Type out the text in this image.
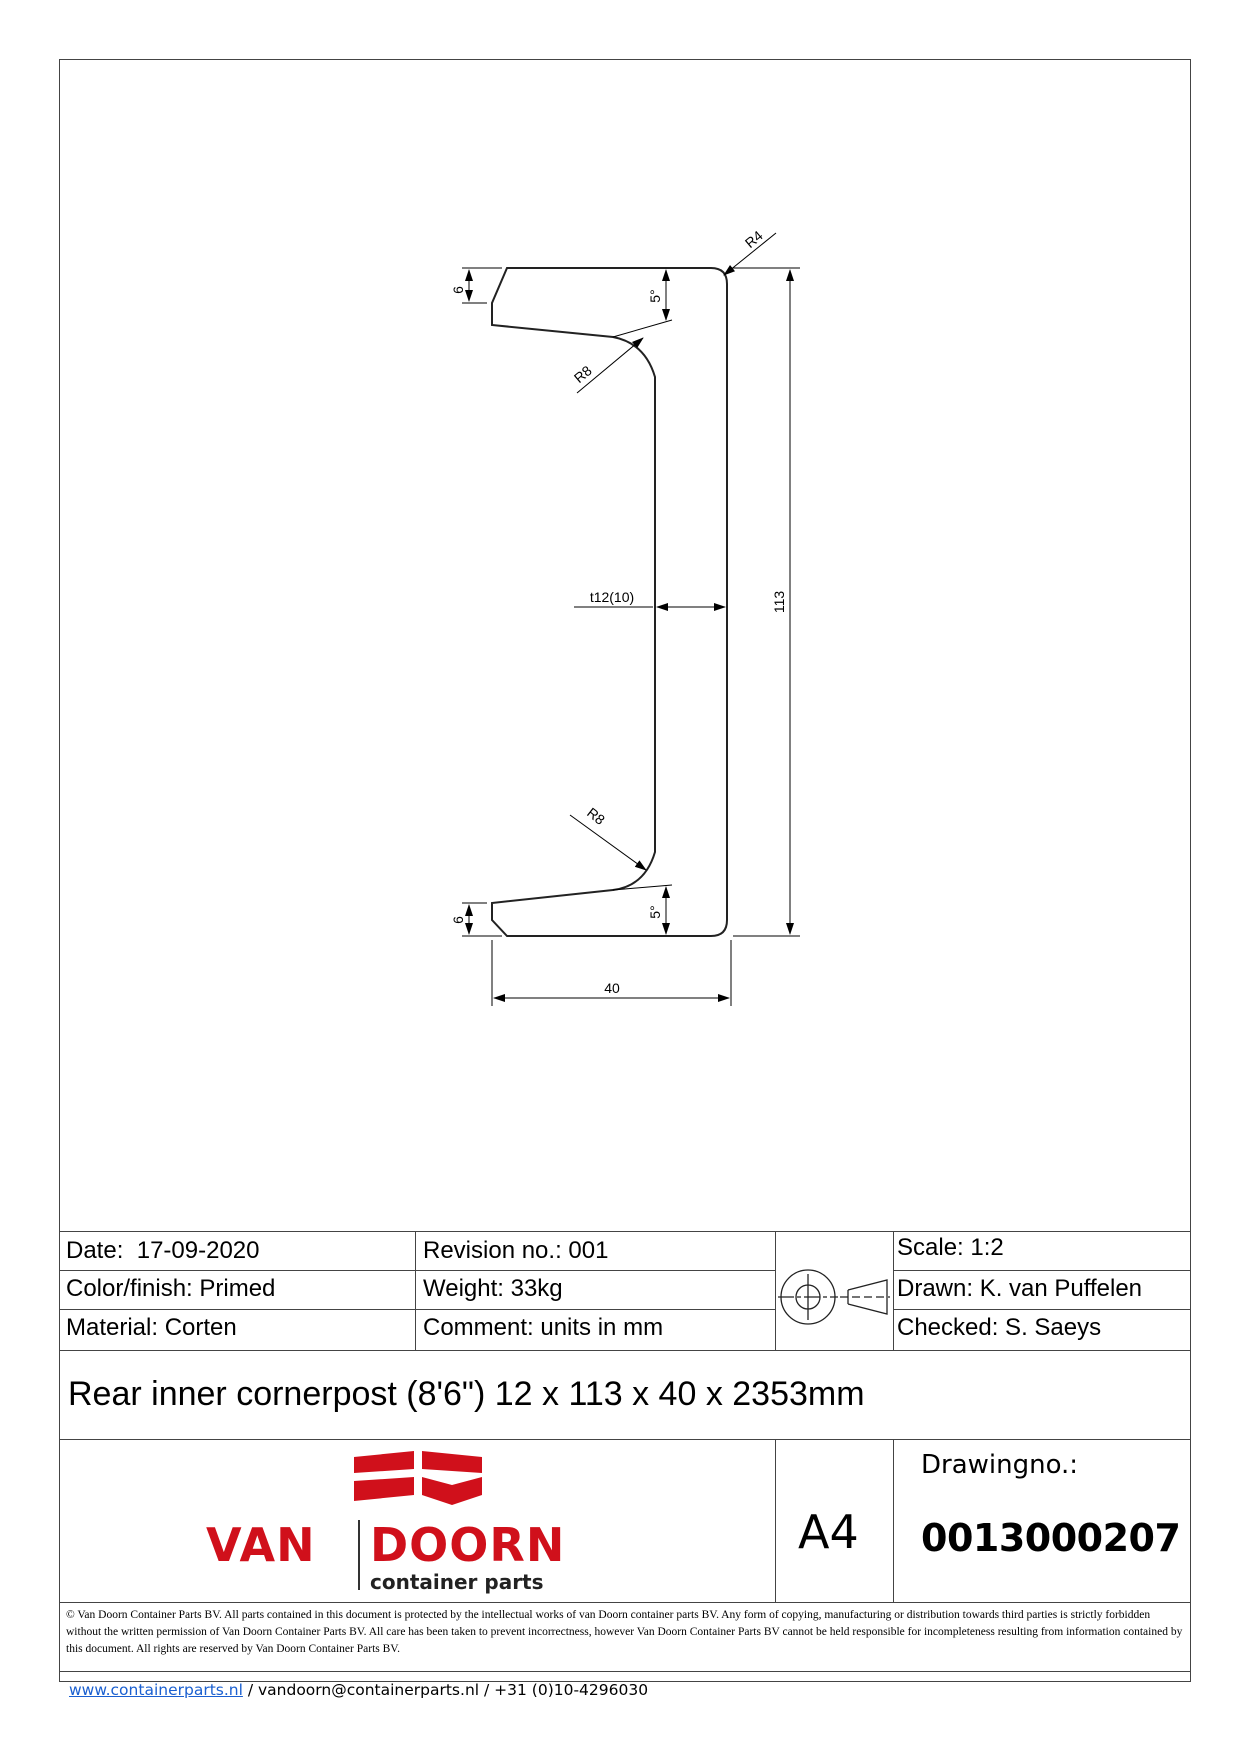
6
6
5°
5°
R4
R8
R8
t12(10)	113
40
Date: 17-09-2020	Revision no.: 001	Scale: 1:2
Color/finish: Primed	Weight: 33kg	Drawn: K. van Puffelen
Material: Corten	Comment: units in mm	Checked: S. Saeys
Rear inner cornerpost (8'6") 12 x 113 x 40 x 2353mm
VAN DOORN
container parts
A4
Drawingno.:
0013000207
© Van Doorn Container Parts BV. All parts contained in this document is protected by the intellectual works of van Doorn container parts BV. Any form of copying, manufacturing or distribution towards third parties is strictly forbidden without the written permission of Van Doorn Container Parts BV. All care has been taken to prevent incorrectness, however Van Doorn Container Parts BV cannot be held responsible for incompleteness resulting from information contained by this document. All rights are reserved by Van Doorn Container Parts BV.
www.containerparts.nl / vandoorn@containerparts.nl / +31 (0)10-4296030
